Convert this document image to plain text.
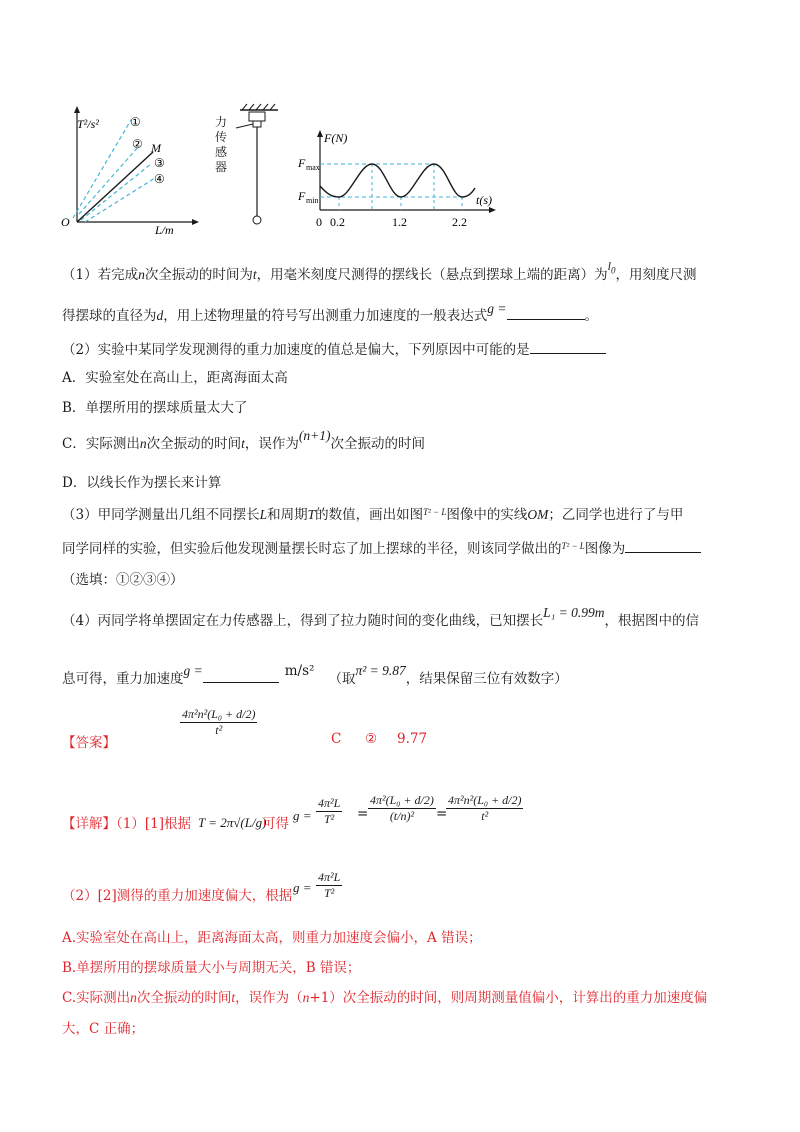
T²/s²
L/m
O
M
①
②
③
④
力传感器
F(N)
F max
F min	t(s)
0 0.2	1.2	2.2
（1）若完成n次全振动的时间为t，用毫米刻度尺测得的摆线长（悬点到摆球上端的距离）为$l_0$，用刻度尺测
得摆球的直径为d，用上述物理量的符号写出测重力加速度的一般表达式g =	。
（2）实验中某同学发现测得的重力加速度的值总是偏大，下列原因中可能的是
A．实验室处在高山上，距离海面太高
B．单摆所用的摆球质量太大了
C．实际测出n次全振动的时间t，误作为(n+1)次全振动的时间
D．以线长作为摆长来计算
（3）甲同学测量出几组不同摆长L和周期T的数值，画出如图$^{T^2 - L}$图像中的实线OM；乙同学也进行了与甲
同学同样的实验，但实验后他发现测量摆长时忘了加上摆球的半径，则该同学做出的$^{T^2 - L}$图像为
（选填：①②③④）
（4）丙同学将单摆固定在力传感器上，得到了拉力随时间的变化曲线，已知摆长L₁ = 0.99m，根据图中的信
息可得，重力加速度g =	m/s² （取π² = 9.87，结果保留三位有效数字）
【答案】
$\frac{\text{4π²n²(L₀ + d/2)}}{\text{t²}}$
C ② 9.77
【详解】（1）[1]根据 T = 2π√(L/g)
可得
$g = \frac{\text{4π²L}}{\text{T²}} = \frac{\text{4π²(L₀ + d/2)}}{\text{(t/n)²}}$ =
$\frac{\text{4π²n²(L₀ + d/2)}}{\text{t²}}$
（2）[2]测得的重力加速度偏大，根据
$g = \frac{\text{4π²L}}{\text{T²}}$
A.实验室处在高山上，距离海面太高，则重力加速度会偏小，A 错误；
B.单摆所用的摆球质量大小与周期无关，B 错误；
C.实际测出n次全振动的时间t，误作为（n+1）次全振动的时间，则周期测量值偏小，计算出的重力加速度偏
大，C 正确；
